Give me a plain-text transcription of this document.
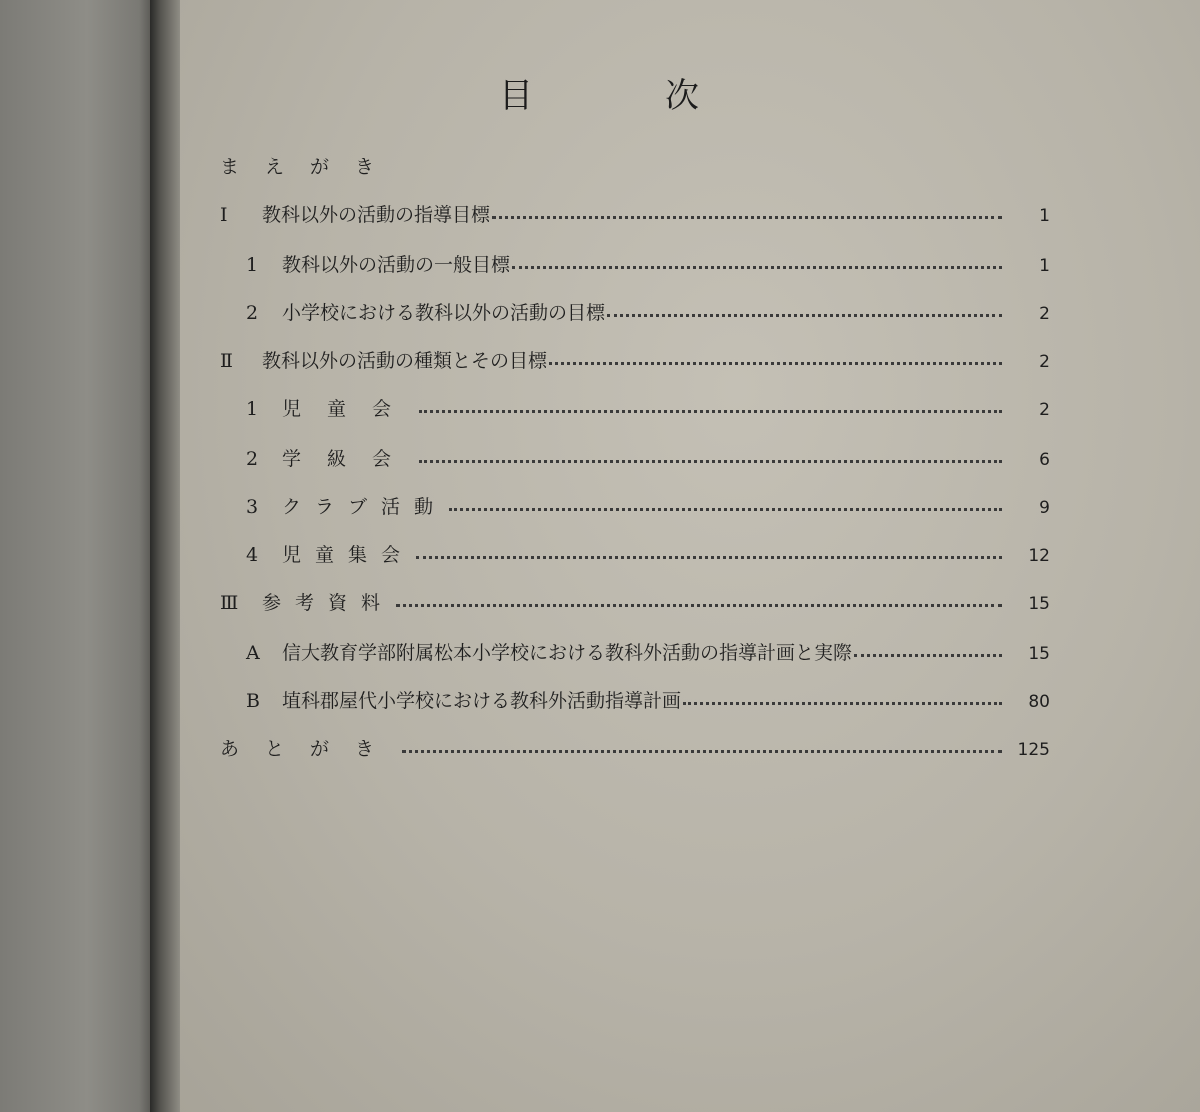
目	次
まえがき
Ⅰ	教科以外の活動の指導目標	1
1	教科以外の活動の一般目標	1
2	小学校における教科以外の活動の目標	2
Ⅱ	教科以外の活動の種類とその目標	2
1	児童会	2
2	学級会	6
3	クラブ活動	9
4	児童集会	12
Ⅲ	参考資料	15
A	信大教育学部附属松本小学校における教科外活動の指導計画と実際	15
B	埴科郡屋代小学校における教科外活動指導計画	80
あとがき	125
